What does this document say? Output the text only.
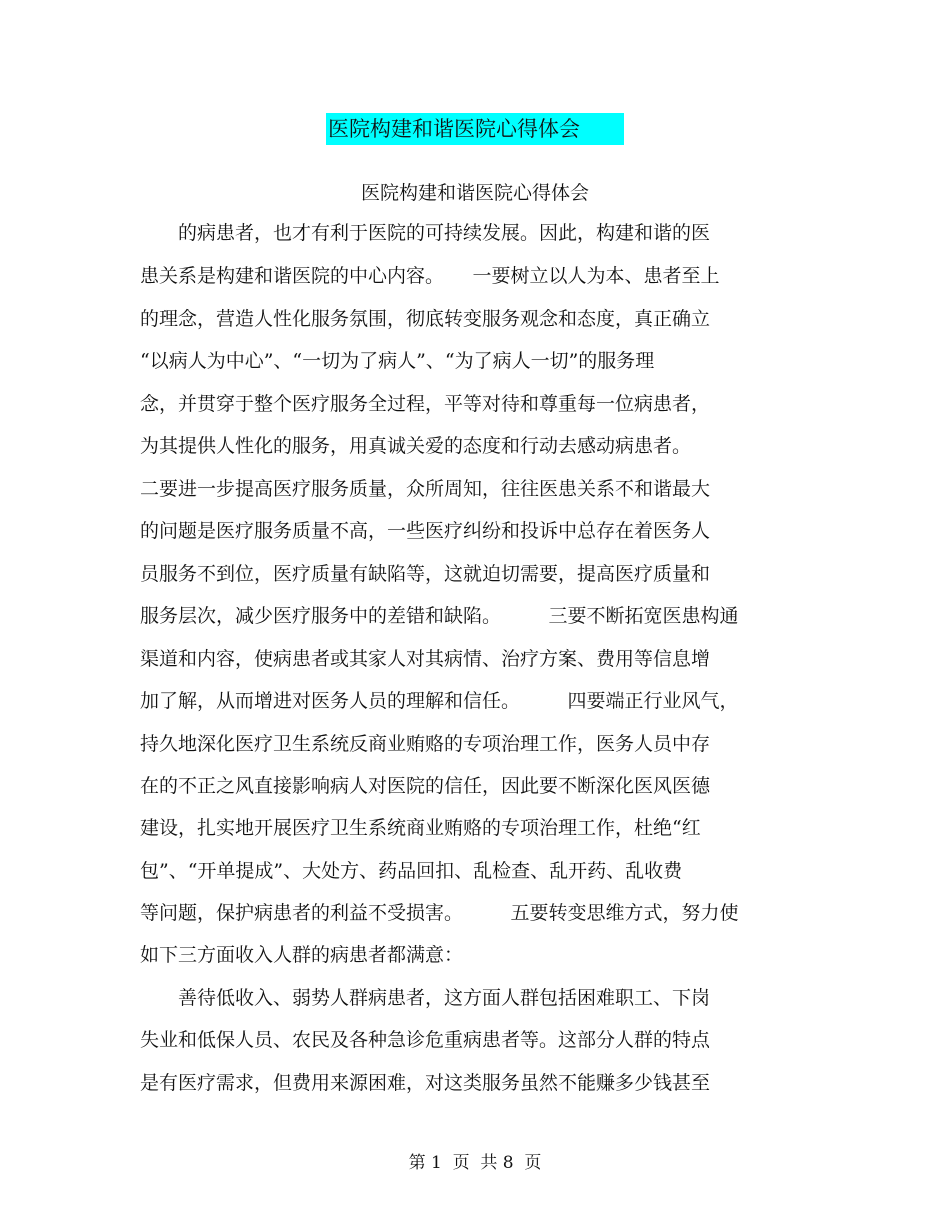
医院构建和谐医院心得体会
医院构建和谐医院心得体会
　　的病患者，也才有利于医院的可持续发展。因此，构建和谐的医
患关系是构建和谐医院的中心内容。　　一要树立以人为本、患者至上
的理念，营造人性化服务氛围，彻底转变服务观念和态度，真正确立
“以病人为中心”、“一切为了病人”、“为了病人一切”的服务理
念，并贯穿于整个医疗服务全过程，平等对待和尊重每一位病患者，
为其提供人性化的服务，用真诚关爱的态度和行动去感动病患者。
二要进一步提高医疗服务质量，众所周知，往往医患关系不和谐最大
的问题是医疗服务质量不高，一些医疗纠纷和投诉中总存在着医务人
员服务不到位，医疗质量有缺陷等，这就迫切需要，提高医疗质量和
服务层次，减少医疗服务中的差错和缺陷。　　　三要不断拓宽医患构通
渠道和内容，使病患者或其家人对其病情、治疗方案、费用等信息增
加了解，从而增进对医务人员的理解和信任。　　　四要端正行业风气，
持久地深化医疗卫生系统反商业贿赂的专项治理工作，医务人员中存
在的不正之风直接影响病人对医院的信任，因此要不断深化医风医德
建设，扎实地开展医疗卫生系统商业贿赂的专项治理工作，杜绝“红
包”、“开单提成”、大处方、药品回扣、乱检查、乱开药、乱收费
等问题，保护病患者的利益不受损害。　　　五要转变思维方式，努力使
如下三方面收入人群的病患者都满意：
　　善待低收入、弱势人群病患者，这方面人群包括困难职工、下岗
失业和低保人员、农民及各种急诊危重病患者等。这部分人群的特点
是有医疗需求，但费用来源困难，对这类服务虽然不能赚多少钱甚至
第 1  页  共 8  页
